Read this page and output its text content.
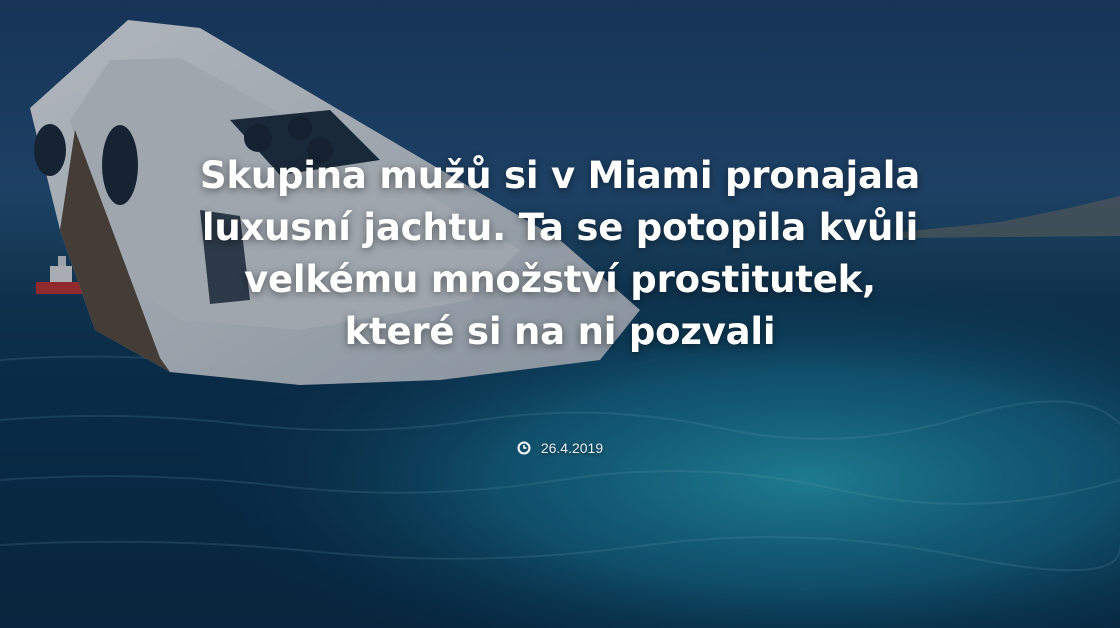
Skupina mužů si v Miami pronajala luxusní jachtu. Ta se potopila kvůli velkému množství prostitutek, které si na ni pozvali
26.4.2019
